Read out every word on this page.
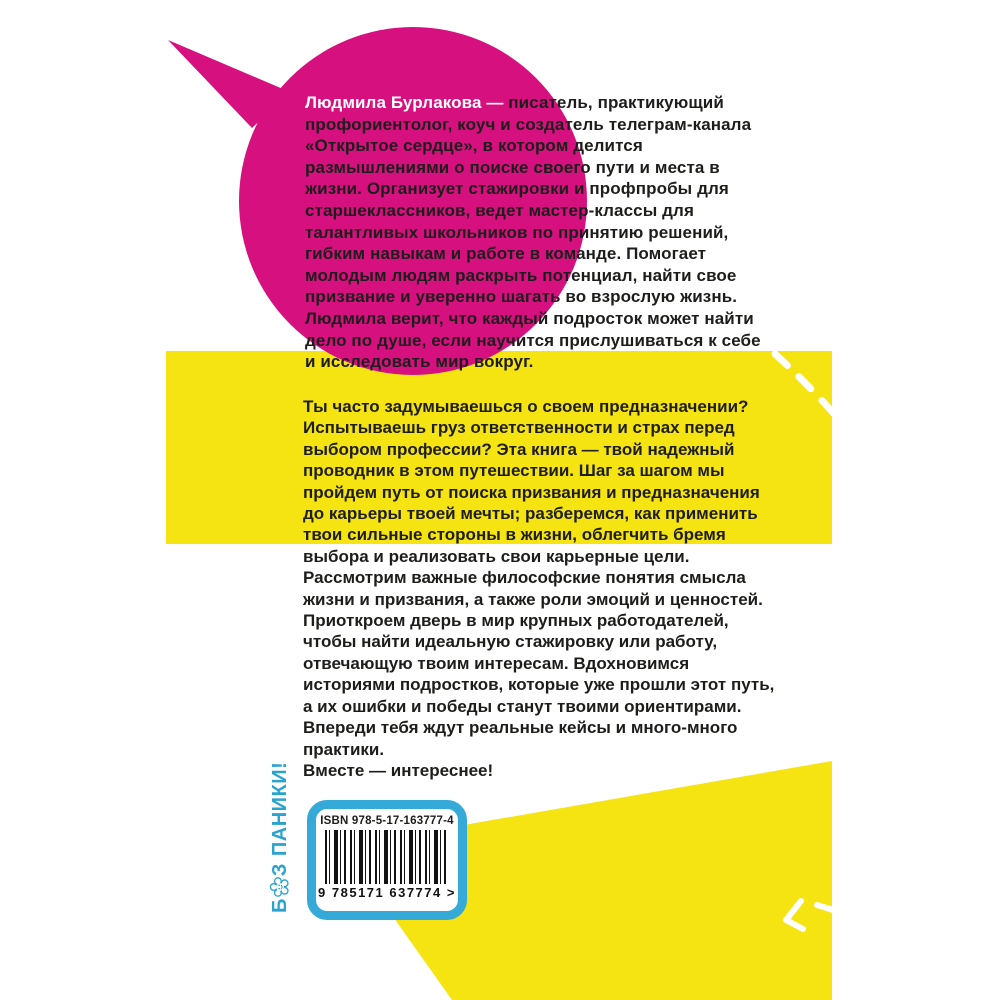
Людмила Бурлакова — писатель, практикующий профориентолог, коуч и создатель телеграм-канала «Открытое сердце», в котором делится размышлениями о поиске своего пути и места в жизни. Организует стажировки и профпробы для старшеклассников, ведет мастер-классы для талантливых школьников по принятию решений, гибким навыкам и работе в команде. Помогает молодым людям раскрыть потенциал, найти свое призвание и уверенно шагать во взрослую жизнь. Людмила верит, что каждый подросток может найти дело по душе, если научится прислушиваться к себе и исследовать мир вокруг.
Ты часто задумываешься о своем предназначении? Испытываешь груз ответственности и страх перед выбором профессии? Эта книга — твой надежный проводник в этом путешествии. Шаг за шагом мы пройдем путь от поиска призвания и предназначения до карьеры твоей мечты; разберемся, как применить твои сильные стороны в жизни, облегчить бремя выбора и реализовать свои карьерные цели. Рассмотрим важные философские понятия смысла жизни и призвания, а также роли эмоций и ценностей. Приоткроем дверь в мир крупных работодателей, чтобы найти идеальную стажировку или работу, отвечающую твоим интересам. Вдохновимся историями подростков, которые уже прошли этот путь, а их ошибки и победы станут твоими ориентирами. Впереди тебя ждут реальные кейсы и много-много практики.
Вместе — интереснее!
Б
З
ПАНИКИ!	ISBN 978-5-17-163777-4
9 785171 637774 >
